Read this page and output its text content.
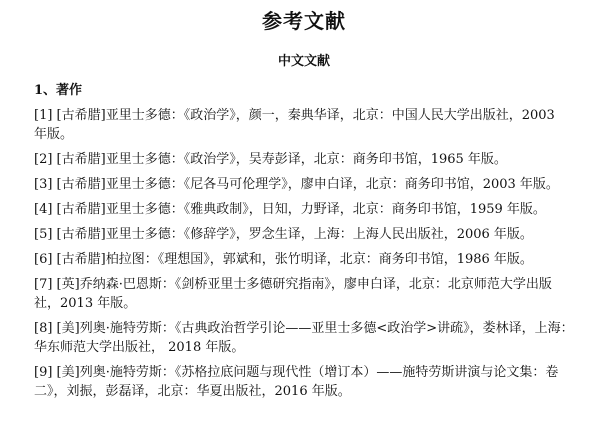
参考文献
中文文献
1、著作
[1] [古希腊]亚里士多德：《政治学》，颜一，秦典华译，北京：中国人民大学出版社，2003
年版。
[2] [古希腊]亚里士多德：《政治学》，吴寿彭译，北京：商务印书馆，1965 年版。
[3] [古希腊]亚里士多德：《尼各马可伦理学》，廖申白译，北京：商务印书馆，2003 年版。
[4] [古希腊]亚里士多德：《雅典政制》，日知，力野译，北京：商务印书馆，1959 年版。
[5] [古希腊]亚里士多德：《修辞学》，罗念生译，上海：上海人民出版社，2006 年版。
[6] [古希腊]柏拉图：《理想国》，郭斌和，张竹明译，北京：商务印书馆，1986 年版。
[7] [英]乔纳森·巴恩斯：《剑桥亚里士多德研究指南》，廖申白译，北京：北京师范大学出版
社，2013 年版。
[8] [美]列奥·施特劳斯：《古典政治哲学引论——亚里士多德<政治学>讲疏》，娄林译，上海：
华东师范大学出版社， 2018 年版。
[9] [美]列奥·施特劳斯：《苏格拉底问题与现代性（增订本）——施特劳斯讲演与论文集：卷
二》，刘振，彭磊译，北京：华夏出版社，2016 年版。
